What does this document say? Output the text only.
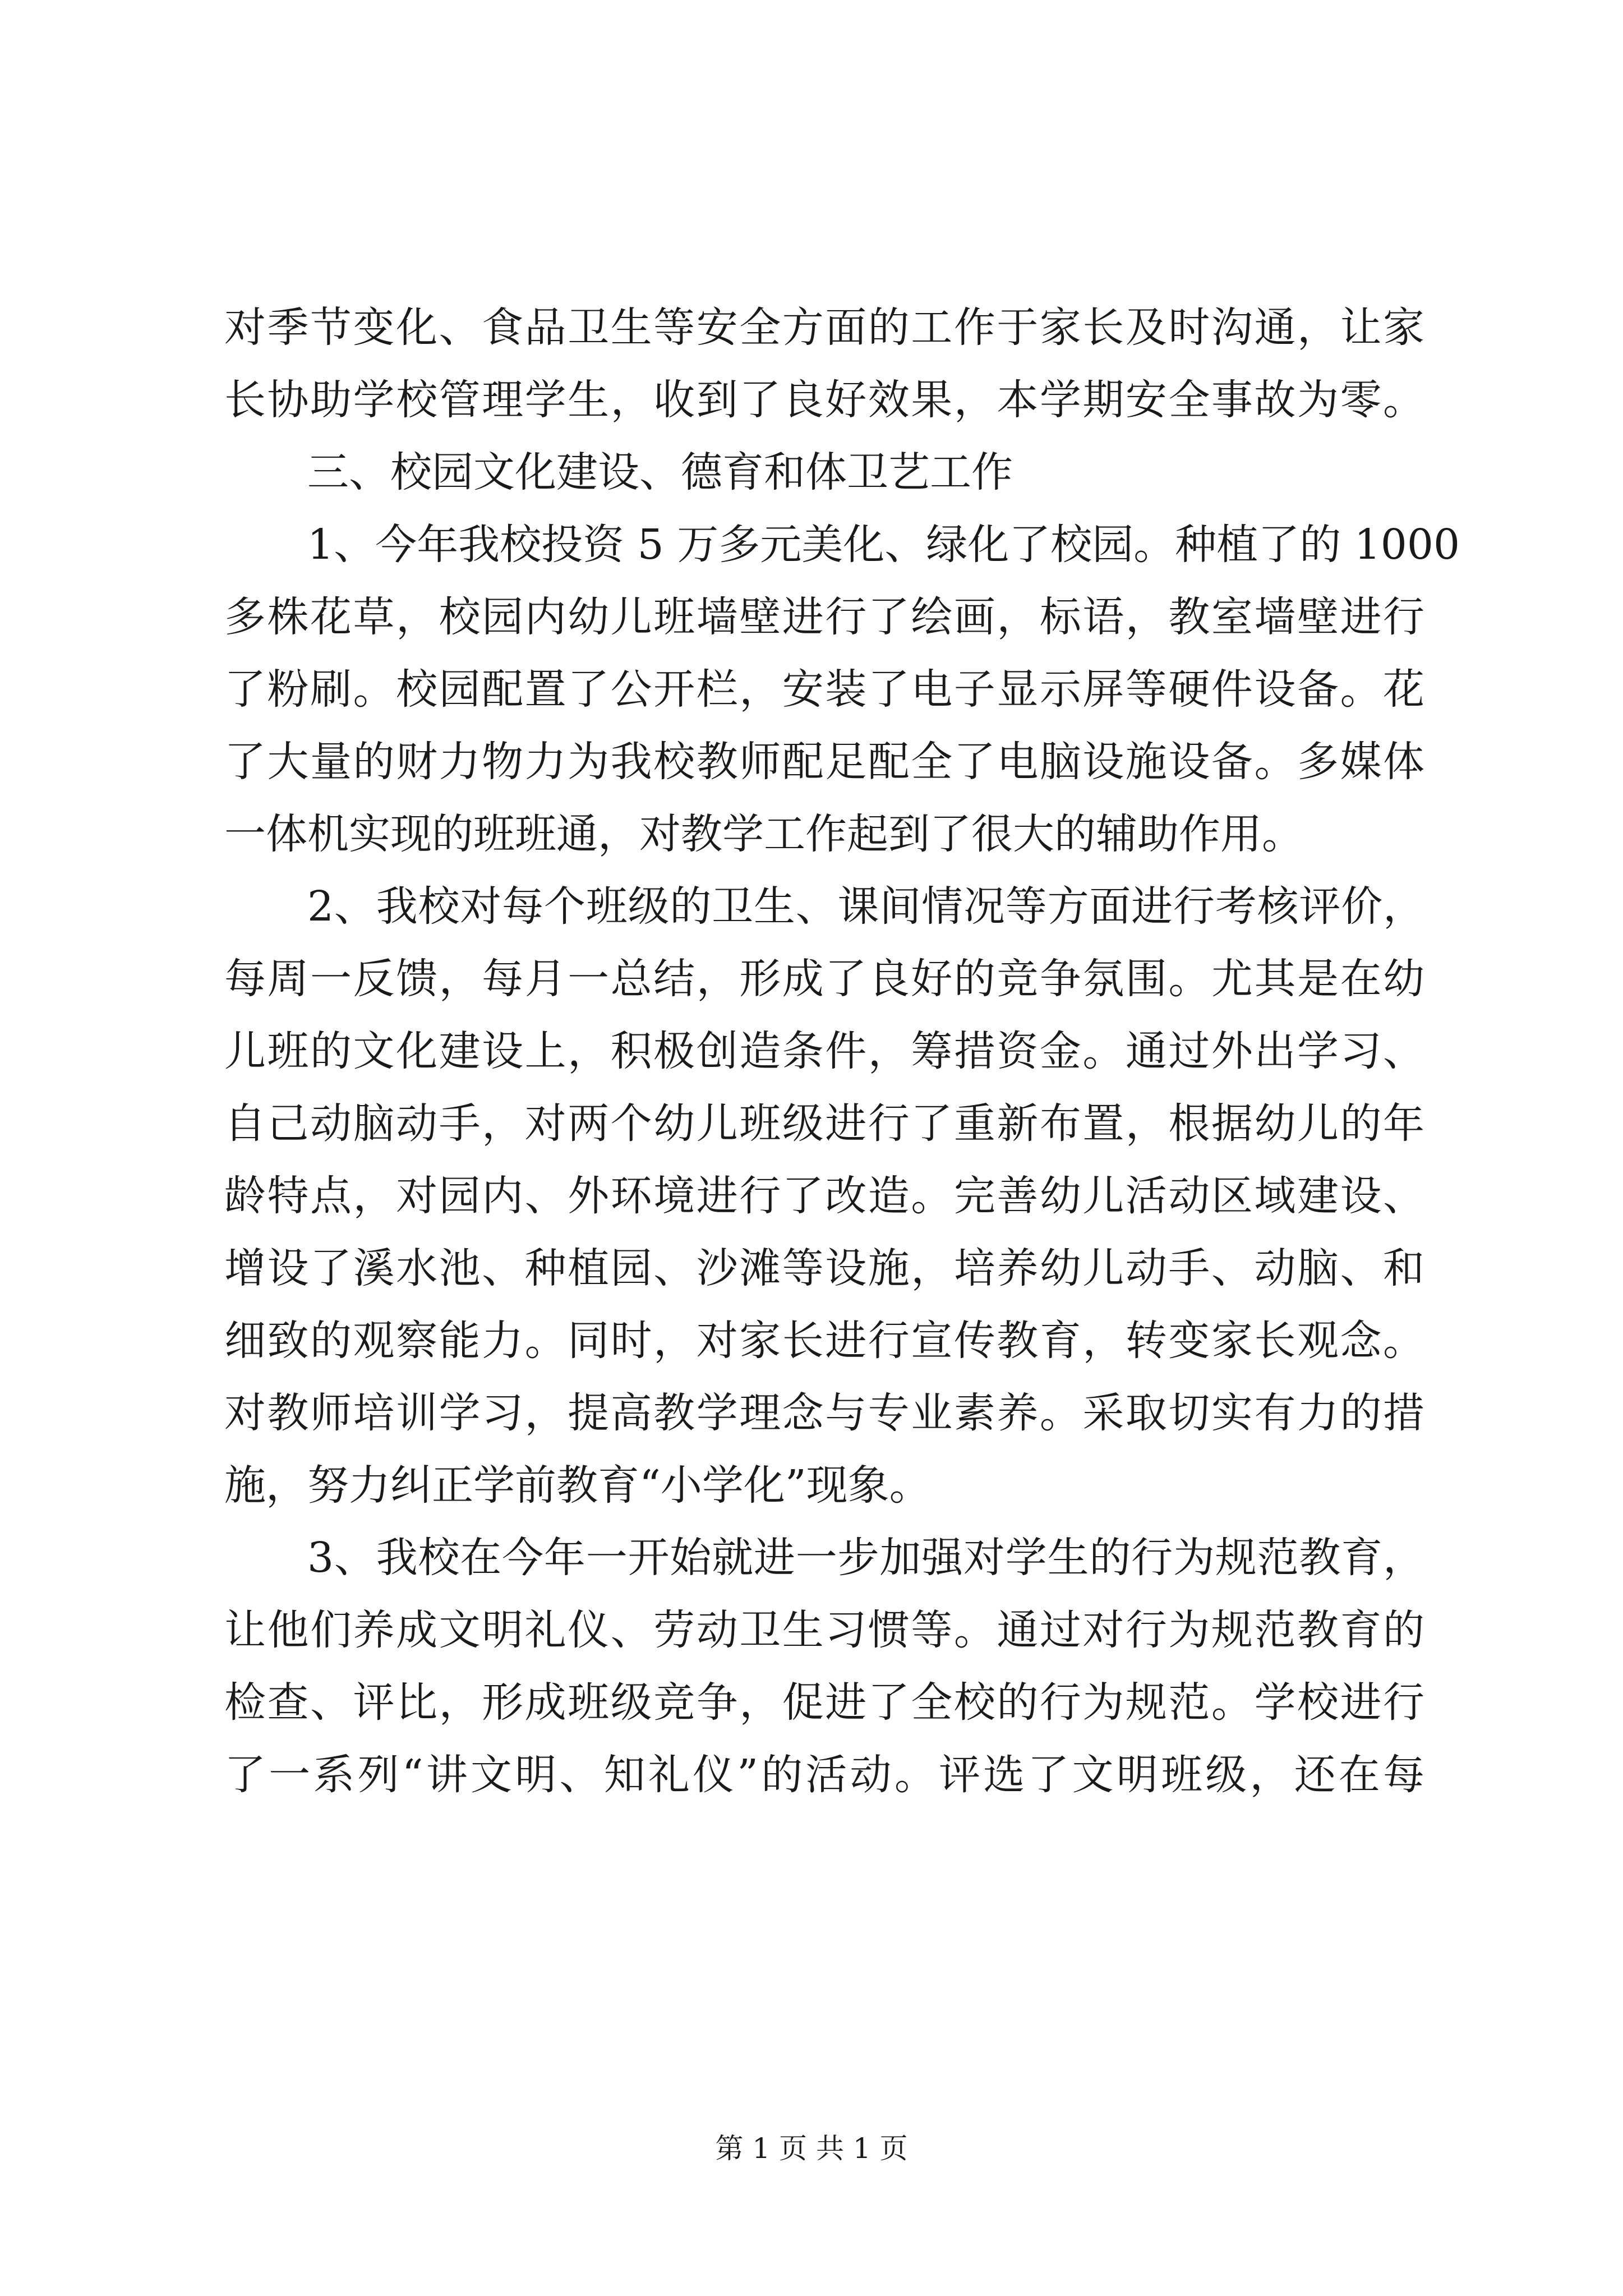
对季节变化、食品卫生等安全方面的工作于家长及时沟通，让家
长协助学校管理学生，收到了良好效果，本学期安全事故为零。
三、校园文化建设、德育和体卫艺工作
1、今年我校投资 5 万多元美化、绿化了校园。种植了的 1000
多株花草，校园内幼儿班墙壁进行了绘画，标语，教室墙壁进行
了粉刷。校园配置了公开栏，安装了电子显示屏等硬件设备。花
了大量的财力物力为我校教师配足配全了电脑设施设备。多媒体
一体机实现的班班通，对教学工作起到了很大的辅助作用。
2、我校对每个班级的卫生、课间情况等方面进行考核评价，
每周一反馈，每月一总结，形成了良好的竞争氛围。尤其是在幼
儿班的文化建设上，积极创造条件，筹措资金。通过外出学习、
自己动脑动手，对两个幼儿班级进行了重新布置，根据幼儿的年
龄特点，对园内、外环境进行了改造。完善幼儿活动区域建设、
增设了溪水池、种植园、沙滩等设施，培养幼儿动手、动脑、和
细致的观察能力。同时，对家长进行宣传教育，转变家长观念。
对教师培训学习，提高教学理念与专业素养。采取切实有力的措
施，努力纠正学前教育“小学化”现象。
3、我校在今年一开始就进一步加强对学生的行为规范教育，
让他们养成文明礼仪、劳动卫生习惯等。通过对行为规范教育的
检查、评比，形成班级竞争，促进了全校的行为规范。学校进行
了一系列“讲文明、知礼仪”的活动。评选了文明班级，还在每
第 1 页 共 1 页
